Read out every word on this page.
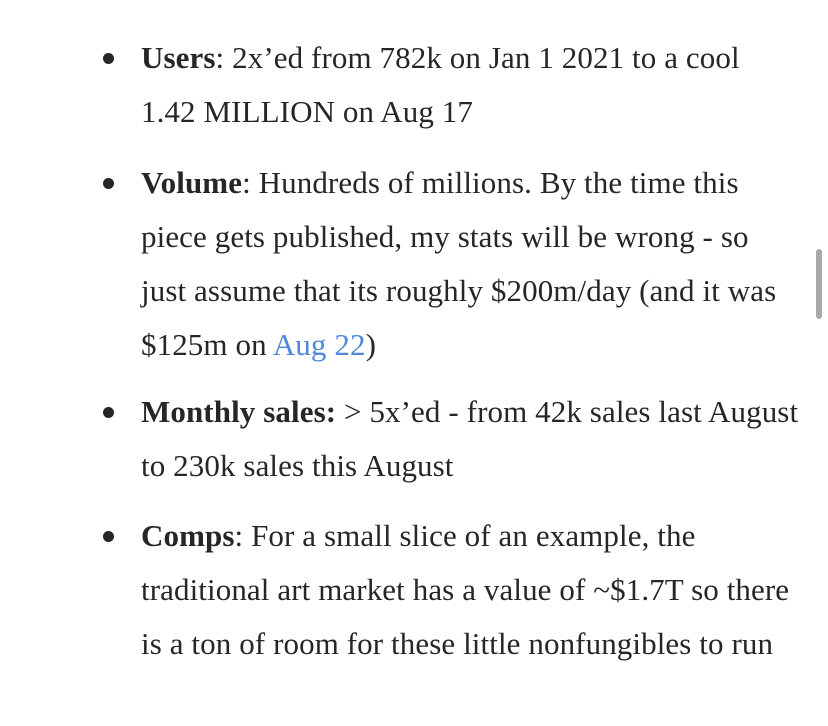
Users: 2x’ed from 782k on Jan 1 2021 to a cool 1.42 MILLION on Aug 17
Volume: Hundreds of millions. By the time this piece gets published, my stats will be wrong - so just assume that its roughly $200m/day (and it was $125m on Aug 22)
Monthly sales: > 5x’ed - from 42k sales last August to 230k sales this August
Comps: For a small slice of an example, the traditional art market has a value of ~$1.7T so there is a ton of room for these little nonfungibles to run
